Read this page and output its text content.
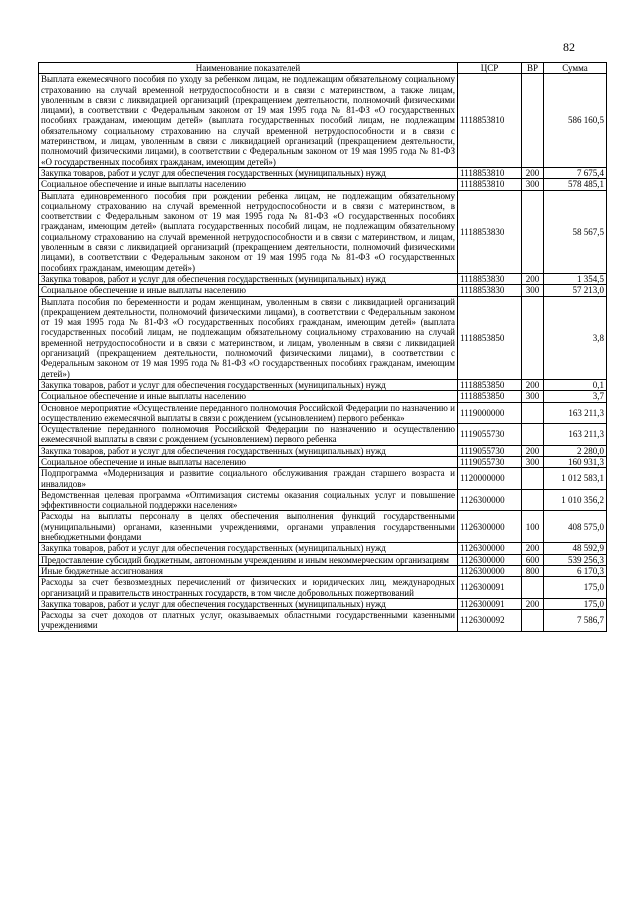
82
Наименование показателей	ЦСР	ВР	Сумма
Выплата ежемесячного пособия по уходу за ребенком лицам, не подлежащим обязательному социальному страхованию на случай временной нетрудоспособности и в связи с материнством, а также лицам, уволенным в связи с ликвидацией организаций (прекращением деятельности, полномочий физическими лицами), в соответствии с Федеральным законом от 19 мая 1995 года № 81-ФЗ «О государственных пособиях гражданам, имеющим детей» (выплата государственных пособий лицам, не подлежащим обязательному социальному страхованию на случай временной нетрудоспособности и в связи с материнством, и лицам, уволенным в связи с ликвидацией организаций (прекращением деятельности, полномочий физическими лицами), в соответствии с Федеральным законом от 19 мая 1995 года № 81-ФЗ «О государственных пособиях гражданам, имеющим детей»)	1118853810		586 160,5
Закупка товаров, работ и услуг для обеспечения государственных (муниципальных) нужд	1118853810	200	7 675,4
Социальное обеспечение и иные выплаты населению	1118853810	300	578 485,1
Выплата единовременного пособия при рождении ребенка лицам, не подлежащим обязательному социальному страхованию на случай временной нетрудоспособности и в связи с материнством, в соответствии с Федеральным законом от 19 мая 1995 года № 81-ФЗ «О государственных пособиях гражданам, имеющим детей» (выплата государственных пособий лицам, не подлежащим обязательному социальному страхованию на случай временной нетрудоспособности и в связи с материнством, и лицам, уволенным в связи с ликвидацией организаций (прекращением деятельности, полномочий физическими лицами), в соответствии с Федеральным законом от 19 мая 1995 года № 81-ФЗ «О государственных пособиях гражданам, имеющим детей»)	1118853830		58 567,5
Закупка товаров, работ и услуг для обеспечения государственных (муниципальных) нужд	1118853830	200	1 354,5
Социальное обеспечение и иные выплаты населению	1118853830	300	57 213,0
Выплата пособия по беременности и родам женщинам, уволенным в связи с ликвидацией организаций (прекращением деятельности, полномочий физическими лицами), в соответствии с Федеральным законом от 19 мая 1995 года № 81-ФЗ «О государственных пособиях гражданам, имеющим детей» (выплата государственных пособий лицам, не подлежащим обязательному социальному страхованию на случай временной нетрудоспособности и в связи с материнством, и лицам, уволенным в связи с ликвидацией организаций (прекращением деятельности, полномочий физическими лицами), в соответствии с Федеральным законом от 19 мая 1995 года № 81-ФЗ «О государственных пособиях гражданам, имеющим детей»)	1118853850		3,8
Закупка товаров, работ и услуг для обеспечения государственных (муниципальных) нужд	1118853850	200	0,1
Социальное обеспечение и иные выплаты населению	1118853850	300	3,7
Основное мероприятие «Осуществление переданного полномочия Российской Федерации по назначению и осуществлению ежемесячной выплаты в связи с рождением (усыновлением) первого ребенка»	1119000000		163 211,3
Осуществление переданного полномочия Российской Федерации по назначению и осуществлению ежемесячной выплаты в связи с рождением (усыновлением) первого ребенка	1119055730		163 211,3
Закупка товаров, работ и услуг для обеспечения государственных (муниципальных) нужд	1119055730	200	2 280,0
Социальное обеспечение и иные выплаты населению	1119055730	300	160 931,3
Подпрограмма «Модернизация и развитие социального обслуживания граждан старшего возраста и инвалидов»	1120000000		1 012 583,1
Ведомственная целевая программа «Оптимизация системы оказания социальных услуг и повышение эффективности социальной поддержки населения»	1126300000		1 010 356,2
Расходы на выплаты персоналу в целях обеспечения выполнения функций государственными (муниципальными) органами, казенными учреждениями, органами управления государственными внебюджетными фондами	1126300000	100	408 575,0
Закупка товаров, работ и услуг для обеспечения государственных (муниципальных) нужд	1126300000	200	48 592,9
Предоставление субсидий бюджетным, автономным учреждениям и иным некоммерческим организациям	1126300000	600	539 256,3
Иные бюджетные ассигнования	1126300000	800	6 170,3
Расходы за счет безвозмездных перечислений от физических и юридических лиц, международных организаций и правительств иностранных государств, в том числе добровольных пожертвований	1126300091		175,0
Закупка товаров, работ и услуг для обеспечения государственных (муниципальных) нужд	1126300091	200	175,0
Расходы за счет доходов от платных услуг, оказываемых областными государственными казенными учреждениями	1126300092		7 586,7
